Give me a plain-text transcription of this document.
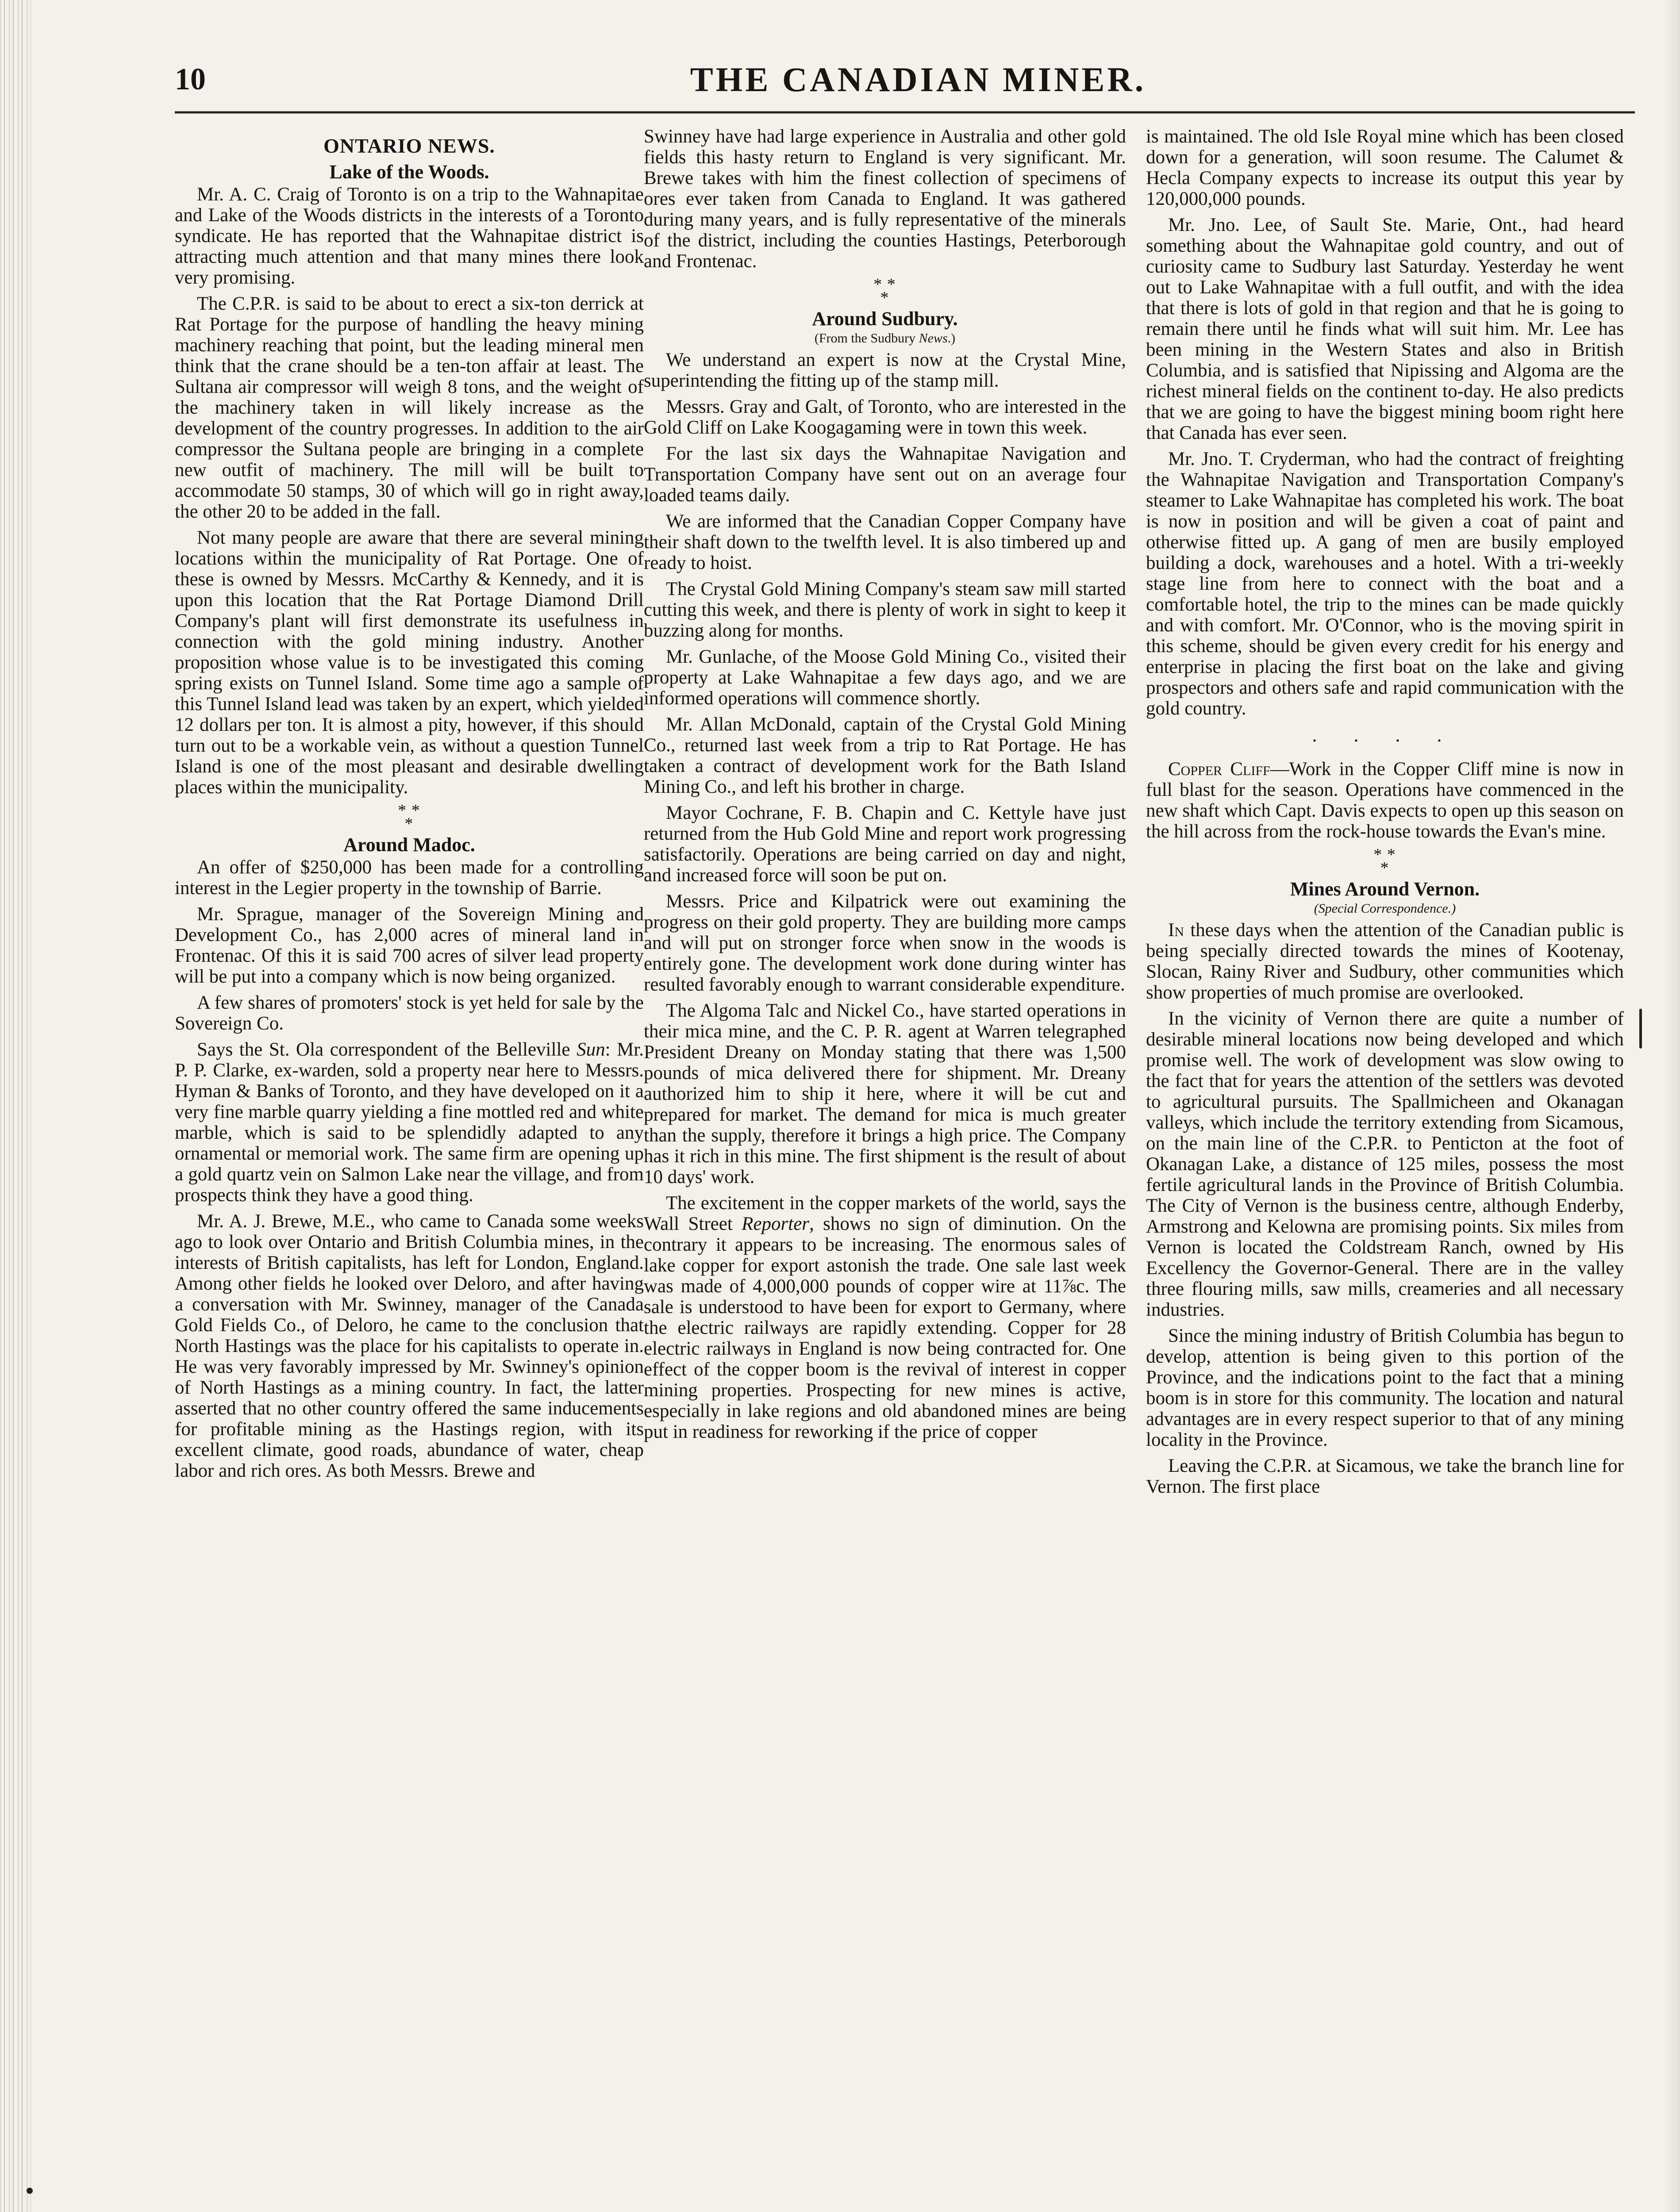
10	THE CANADIAN MINER.
ONTARIO NEWS.
Lake of the Woods.

Mr. A. C. Craig of Toronto is on a trip to the Wahnapitae and Lake of the Woods districts in the interests of a Toronto syndicate. He has reported that the Wahnapitae district is attracting much attention and that many mines there look very promising.

The C.P.R. is said to be about to erect a six-ton derrick at Rat Portage for the purpose of handling the heavy mining machinery reaching that point, but the leading mineral men think that the crane should be a ten-ton affair at least. The Sultana air compressor will weigh 8 tons, and the weight of the machinery taken in will likely increase as the development of the country progresses. In addition to the air compressor the Sultana people are bringing in a complete new outfit of machinery. The mill will be built to accommodate 50 stamps, 30 of which will go in right away, the other 20 to be added in the fall.

Not many people are aware that there are several mining locations within the municipality of Rat Portage. One of these is owned by Messrs. McCarthy & Kennedy, and it is upon this location that the Rat Portage Diamond Drill Company's plant will first demonstrate its usefulness in connection with the gold mining industry. Another proposition whose value is to be investigated this coming spring exists on Tunnel Island. Some time ago a sample of this Tunnel Island lead was taken by an expert, which yielded 12 dollars per ton. It is almost a pity, however, if this should turn out to be a workable vein, as without a question Tunnel Island is one of the most pleasant and desirable dwelling places within the municipality.

* *
*
Around Madoc.

An offer of $250,000 has been made for a controlling interest in the Legier property in the township of Barrie.

Mr. Sprague, manager of the Sovereign Mining and Development Co., has 2,000 acres of mineral land in Frontenac. Of this it is said 700 acres of silver lead property will be put into a company which is now being organized.

A few shares of promoters' stock is yet held for sale by the Sovereign Co.

Says the St. Ola correspondent of the Belleville Sun: Mr. P. P. Clarke, ex-warden, sold a property near here to Messrs. Hyman & Banks of Toronto, and they have developed on it a very fine marble quarry yielding a fine mottled red and white marble, which is said to be splendidly adapted to any ornamental or memorial work. The same firm are opening up a gold quartz vein on Salmon Lake near the village, and from prospects think they have a good thing.

Mr. A. J. Brewe, M.E., who came to Canada some weeks ago to look over Ontario and British Columbia mines, in the interests of British capitalists, has left for London, England. Among other fields he looked over Deloro, and after having a conversation with Mr. Swinney, manager of the Canada Gold Fields Co., of Deloro, he came to the conclusion that North Hastings was the place for his capitalists to operate in. He was very favorably impressed by Mr. Swinney's opinion of North Hastings as a mining country. In fact, the latter asserted that no other country offered the same inducements for profitable mining as the Hastings region, with its excellent climate, good roads, abundance of water, cheap labor and rich ores. As both Messrs. Brewe and

Swinney have had large experience in Australia and other gold fields this hasty return to England is very significant. Mr. Brewe takes with him the finest collection of specimens of ores ever taken from Canada to England. It was gathered during many years, and is fully representative of the minerals of the district, including the counties Hastings, Peterborough and Frontenac.

* *
*
Around Sudbury.
(From the Sudbury News.)

We understand an expert is now at the Crystal Mine, superintending the fitting up of the stamp mill.

Messrs. Gray and Galt, of Toronto, who are interested in the Gold Cliff on Lake Koogagaming were in town this week.

For the last six days the Wahnapitae Navigation and Transportation Company have sent out on an average four loaded teams daily.

We are informed that the Canadian Copper Company have their shaft down to the twelfth level. It is also timbered up and ready to hoist.

The Crystal Gold Mining Company's steam saw mill started cutting this week, and there is plenty of work in sight to keep it buzzing along for months.

Mr. Gunlache, of the Moose Gold Mining Co., visited their property at Lake Wahnapitae a few days ago, and we are informed operations will commence shortly.

Mr. Allan McDonald, captain of the Crystal Gold Mining Co., returned last week from a trip to Rat Portage. He has taken a contract of development work for the Bath Island Mining Co., and left his brother in charge.

Mayor Cochrane, F. B. Chapin and C. Kettyle have just returned from the Hub Gold Mine and report work progressing satisfactorily. Operations are being carried on day and night, and increased force will soon be put on.

Messrs. Price and Kilpatrick were out examining the progress on their gold property. They are building more camps and will put on stronger force when snow in the woods is entirely gone. The development work done during winter has resulted favorably enough to warrant considerable expenditure.

The Algoma Talc and Nickel Co., have started operations in their mica mine, and the C. P. R. agent at Warren telegraphed President Dreany on Monday stating that there was 1,500 pounds of mica delivered there for shipment. Mr. Dreany authorized him to ship it here, where it will be cut and prepared for market. The demand for mica is much greater than the supply, therefore it brings a high price. The Company has it rich in this mine. The first shipment is the result of about 10 days' work.

The excitement in the copper markets of the world, says the Wall Street Reporter, shows no sign of diminution. On the contrary it appears to be increasing. The enormous sales of lake copper for export astonish the trade. One sale last week was made of 4,000,000 pounds of copper wire at 11⅞c. The sale is understood to have been for export to Germany, where the electric railways are rapidly extending. Copper for 28 electric railways in England is now being contracted for. One effect of the copper boom is the revival of interest in copper mining properties. Prospecting for new mines is active, especially in lake regions and old abandoned mines are being put in readiness for reworking if the price of copper

is maintained. The old Isle Royal mine which has been closed down for a generation, will soon resume. The Calumet & Hecla Company expects to increase its output this year by 120,000,000 pounds.

Mr. Jno. Lee, of Sault Ste. Marie, Ont., had heard something about the Wahnapitae gold country, and out of curiosity came to Sudbury last Saturday. Yesterday he went out to Lake Wahnapitae with a full outfit, and with the idea that there is lots of gold in that region and that he is going to remain there until he finds what will suit him. Mr. Lee has been mining in the Western States and also in British Columbia, and is satisfied that Nipissing and Algoma are the richest mineral fields on the continent to-day. He also predicts that we are going to have the biggest mining boom right here that Canada has ever seen.

Mr. Jno. T. Cryderman, who had the contract of freighting the Wahnapitae Navigation and Transportation Company's steamer to Lake Wahnapitae has completed his work. The boat is now in position and will be given a coat of paint and otherwise fitted up. A gang of men are busily employed building a dock, warehouses and a hotel. With a tri-weekly stage line from here to connect with the boat and a comfortable hotel, the trip to the mines can be made quickly and with comfort. Mr. O'Connor, who is the moving spirit in this scheme, should be given every credit for his energy and enterprise in placing the first boat on the lake and giving prospectors and others safe and rapid communication with the gold country.

. . . .

Copper Cliff—Work in the Copper Cliff mine is now in full blast for the season. Operations have commenced in the new shaft which Capt. Davis expects to open up this season on the hill across from the rock-house towards the Evan's mine.

* *
*
Mines Around Vernon.
(Special Correspondence.)

In these days when the attention of the Canadian public is being specially directed towards the mines of Kootenay, Slocan, Rainy River and Sudbury, other communities which show properties of much promise are overlooked.

In the vicinity of Vernon there are quite a number of desirable mineral locations now being developed and which promise well. The work of development was slow owing to the fact that for years the attention of the settlers was devoted to agricultural pursuits. The Spallmicheen and Okanagan valleys, which include the territory extending from Sicamous, on the main line of the C.P.R. to Penticton at the foot of Okanagan Lake, a distance of 125 miles, possess the most fertile agricultural lands in the Province of British Columbia. The City of Vernon is the business centre, although Enderby, Armstrong and Kelowna are promising points. Six miles from Vernon is located the Coldstream Ranch, owned by His Excellency the Governor-General. There are in the valley three flouring mills, saw mills, creameries and all necessary industries.

Since the mining industry of British Columbia has begun to develop, attention is being given to this portion of the Province, and the indications point to the fact that a mining boom is in store for this community. The location and natural advantages are in every respect superior to that of any mining locality in the Province.

Leaving the C.P.R. at Sicamous, we take the branch line for Vernon. The first place
